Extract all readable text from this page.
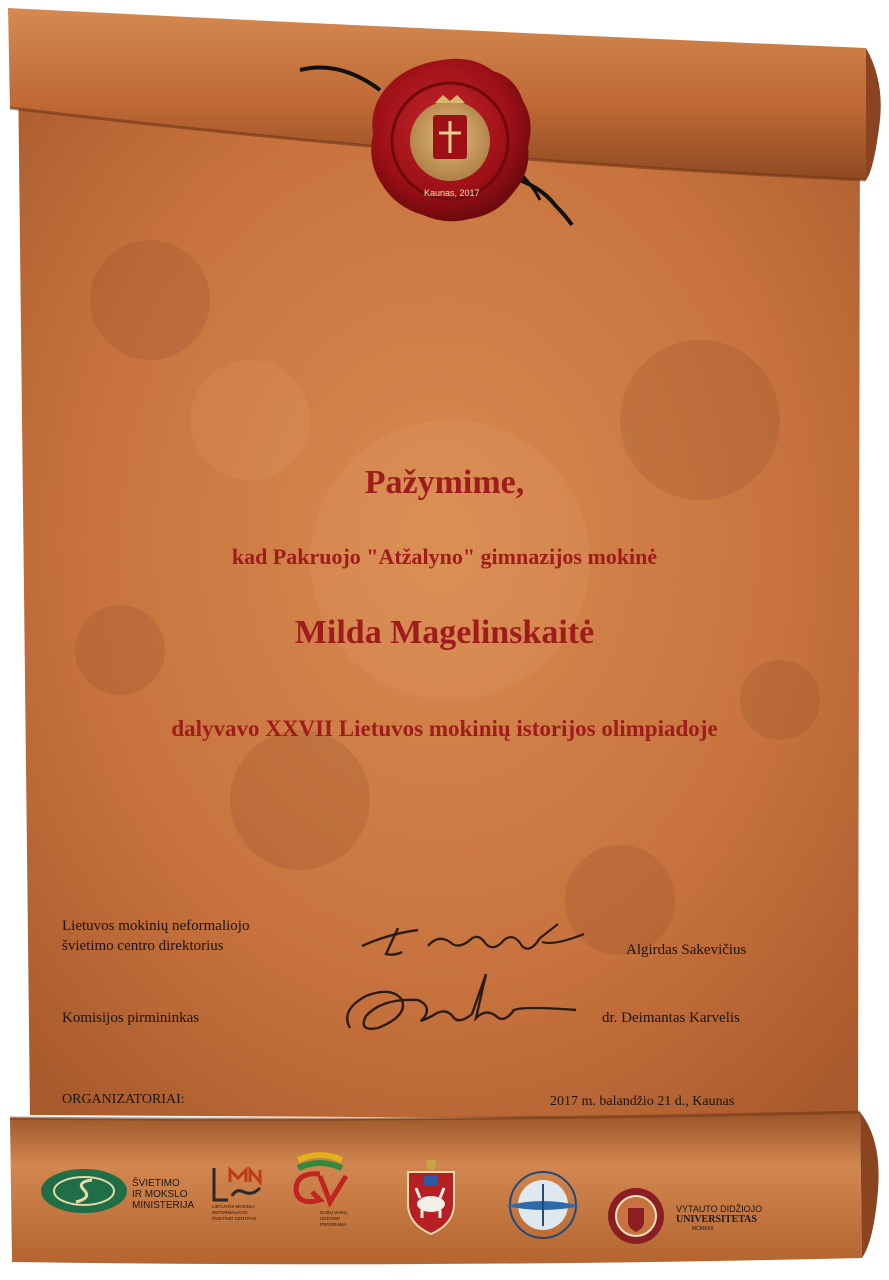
Kaunas, 2017
Pažymime,
kad Pakruojo "Atžalyno" gimnazijos mokinė
Milda Magelinskaitė
dalyvavo XXVII Lietuvos mokinių istorijos olimpiadoje
Lietuvos mokinių neformaliojo
švietimo centro direktorius	Algirdas Sakevičius
Komisijos pirmininkas	dr. Deimantas Karvelis
ORGANIZATORIAI:	2017 m. balandžio 21 d., Kaunas
ŠVIETIMO
IR MOKSLO
MINISTERIJA	LIETUVOS MOKINIŲ
NEFORMALIOJO
ŠVIETIMO CENTRAS
GABŲ VAIKŲ
UGDYMO
PROGRAMA
VYTAUTO DIDŽIOJO
UNIVERSITETAS
MCMXXII
